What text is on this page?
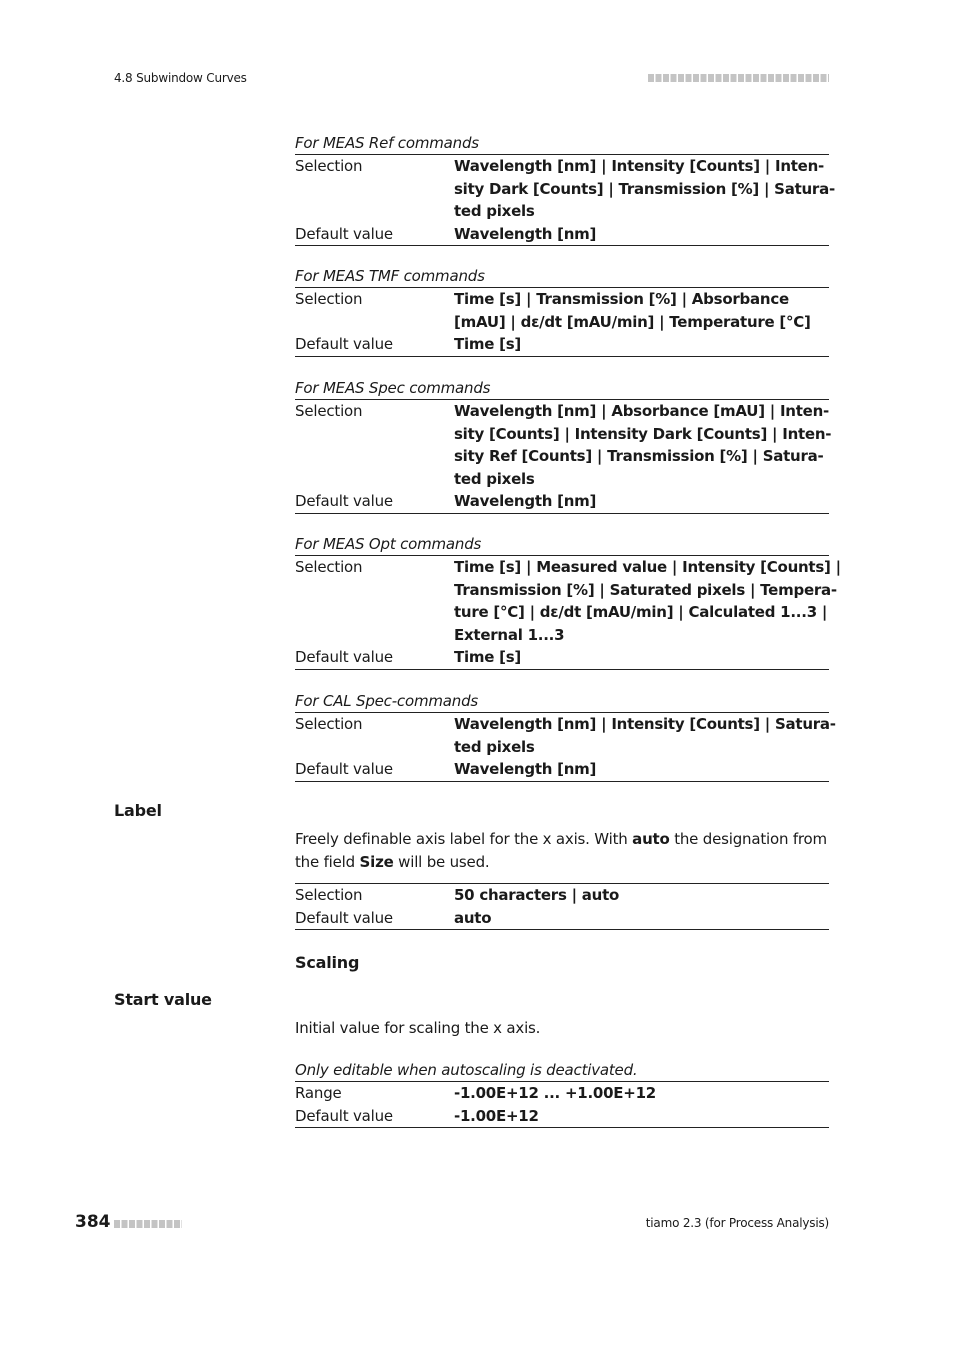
4.8 Subwindow Curves
For MEAS Ref commands
Selection	Wavelength [nm] | Intensity [Counts] | Inten-
sity Dark [Counts] | Transmission [%] | Satura-
ted pixels
Default value	Wavelength [nm]
For MEAS TMF commands
Selection	Time [s] | Transmission [%] | Absorbance
[mAU] | dε/dt [mAU/min] | Temperature [°C]
Default value	Time [s]
For MEAS Spec commands
Selection	Wavelength [nm] | Absorbance [mAU] | Inten-
sity [Counts] | Intensity Dark [Counts] | Inten-
sity Ref [Counts] | Transmission [%] | Satura-
ted pixels
Default value	Wavelength [nm]
For MEAS Opt commands
Selection	Time [s] | Measured value | Intensity [Counts] |
Transmission [%] | Saturated pixels | Tempera-
ture [°C] | dε/dt [mAU/min] | Calculated 1...3 |
External 1...3
Default value	Time [s]
For CAL Spec-commands
Selection	Wavelength [nm] | Intensity [Counts] | Satura-
ted pixels
Default value	Wavelength [nm]
Label
Freely definable axis label for the x axis. With auto the designation from
the field Size will be used.
Selection	50 characters | auto
Default value	auto
Scaling
Start value
Initial value for scaling the x axis.
Only editable when autoscaling is deactivated.
Range	-1.00E+12 ... +1.00E+12
Default value	-1.00E+12
384	tiamo 2.3 (for Process Analysis)
